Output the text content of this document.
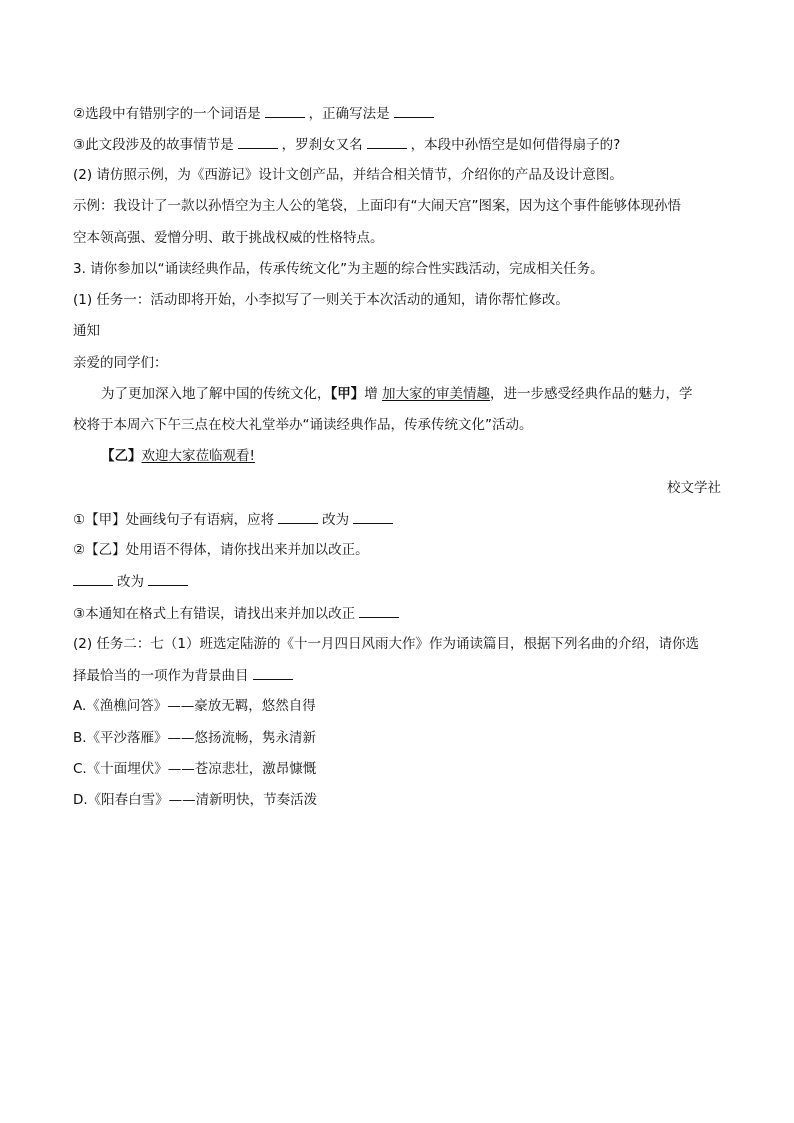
②选段中有错别字的一个词语是	，正确写法是
③此文段涉及的故事情节是	，罗刹女又名	，本段中孙悟空是如何借得扇子的?
(2) 请仿照示例，为《西游记》设计文创产品，并结合相关情节，介绍你的产品及设计意图。
示例：我设计了一款以孙悟空为主人公的笔袋，上面印有“大闹天宫”图案，因为这个事件能够体现孙悟
空本领高强、爱憎分明、敢于挑战权威的性格特点。
3. 请你参加以“诵读经典作品，传承传统文化”为主题的综合性实践活动，完成相关任务。
(1) 任务一：活动即将开始，小李拟写了一则关于本次活动的通知，请你帮忙修改。
通知
亲爱的同学们：
为了更加深入地了解中国的传统文化，【甲】增 加大家的审美情趣，进一步感受经典作品的魅力，学
校将于本周六下午三点在校大礼堂举办“诵读经典作品，传承传统文化”活动。
【乙】欢迎大家莅临观看!
校文学社
①【甲】处画线句子有语病，应将	改为
②【乙】处用语不得体，请你找出来并加以改正。
改为
③本通知在格式上有错误，请找出来并加以改正
(2) 任务二：七（1）班选定陆游的《十一月四日风雨大作》作为诵读篇目，根据下列名曲的介绍，请你选
择最恰当的一项作为背景曲目
A.《渔樵问答》——豪放无羁，悠然自得
B.《平沙落雁》——悠扬流畅，隽永清新
C.《十面埋伏》——苍凉悲壮，激昂慷慨
D.《阳春白雪》——清新明快，节奏活泼
